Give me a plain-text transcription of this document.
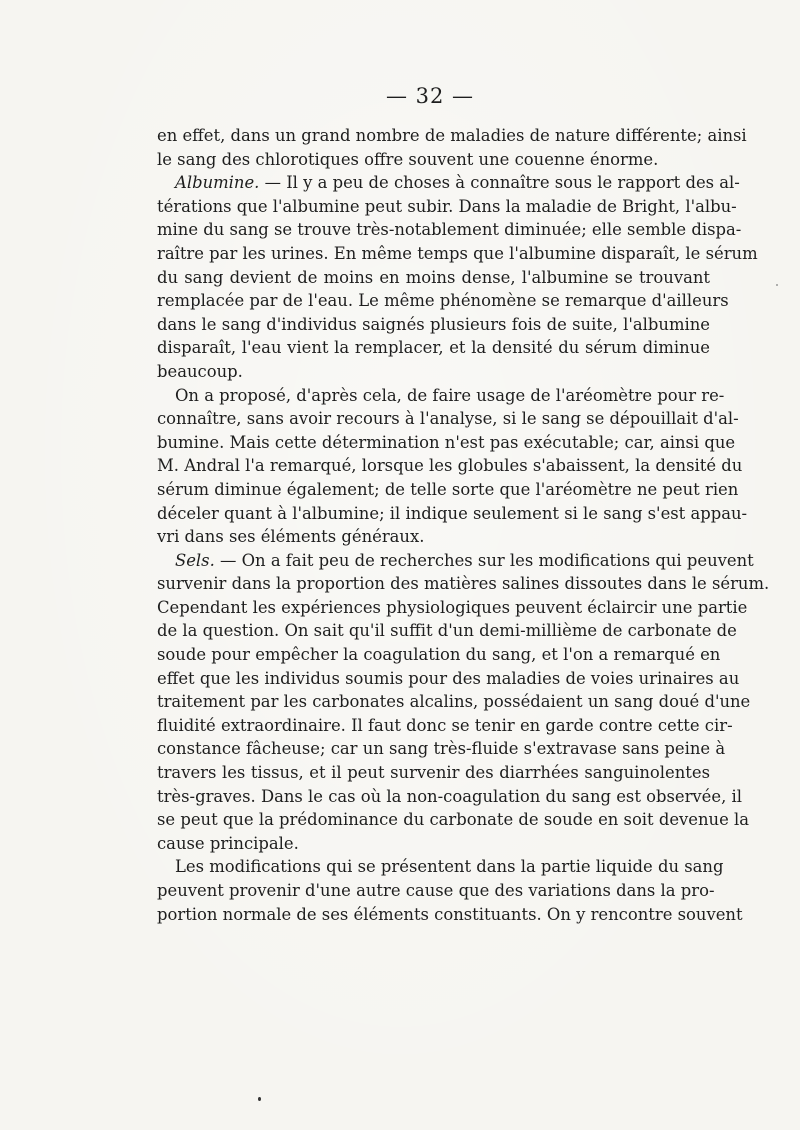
— 32 —
en effet, dans un grand nombre de maladies de nature différente; ainsi
le sang des chlorotiques offre souvent une couenne énorme.
Albumine. — Il y a peu de choses à connaître sous le rapport des al-
térations que l'albumine peut subir. Dans la maladie de Bright, l'albu-
mine du sang se trouve très-notablement diminuée; elle semble dispa-
raître par les urines. En même temps que l'albumine disparaît, le sérum
du sang devient de moins en moins dense, l'albumine se trouvant
remplacée par de l'eau. Le même phénomène se remarque d'ailleurs
dans le sang d'individus saignés plusieurs fois de suite, l'albumine
disparaît, l'eau vient la remplacer, et la densité du sérum diminue
beaucoup.
On a proposé, d'après cela, de faire usage de l'aréomètre pour re-
connaître, sans avoir recours à l'analyse, si le sang se dépouillait d'al-
bumine. Mais cette détermination n'est pas exécutable; car, ainsi que
M. Andral l'a remarqué, lorsque les globules s'abaissent, la densité du
sérum diminue également; de telle sorte que l'aréomètre ne peut rien
déceler quant à l'albumine; il indique seulement si le sang s'est appau-
vri dans ses éléments généraux.
Sels. — On a fait peu de recherches sur les modifications qui peuvent
survenir dans la proportion des matières salines dissoutes dans le sérum.
Cependant les expériences physiologiques peuvent éclaircir une partie
de la question. On sait qu'il suffit d'un demi-millième de carbonate de
soude pour empêcher la coagulation du sang, et l'on a remarqué en
effet que les individus soumis pour des maladies de voies urinaires au
traitement par les carbonates alcalins, possédaient un sang doué d'une
fluidité extraordinaire. Il faut donc se tenir en garde contre cette cir-
constance fâcheuse; car un sang très-fluide s'extravase sans peine à
travers les tissus, et il peut survenir des diarrhées sanguinolentes
très-graves. Dans le cas où la non-coagulation du sang est observée, il
se peut que la prédominance du carbonate de soude en soit devenue la
cause principale.
Les modifications qui se présentent dans la partie liquide du sang
peuvent provenir d'une autre cause que des variations dans la pro-
portion normale de ses éléments constituants. On y rencontre souvent
